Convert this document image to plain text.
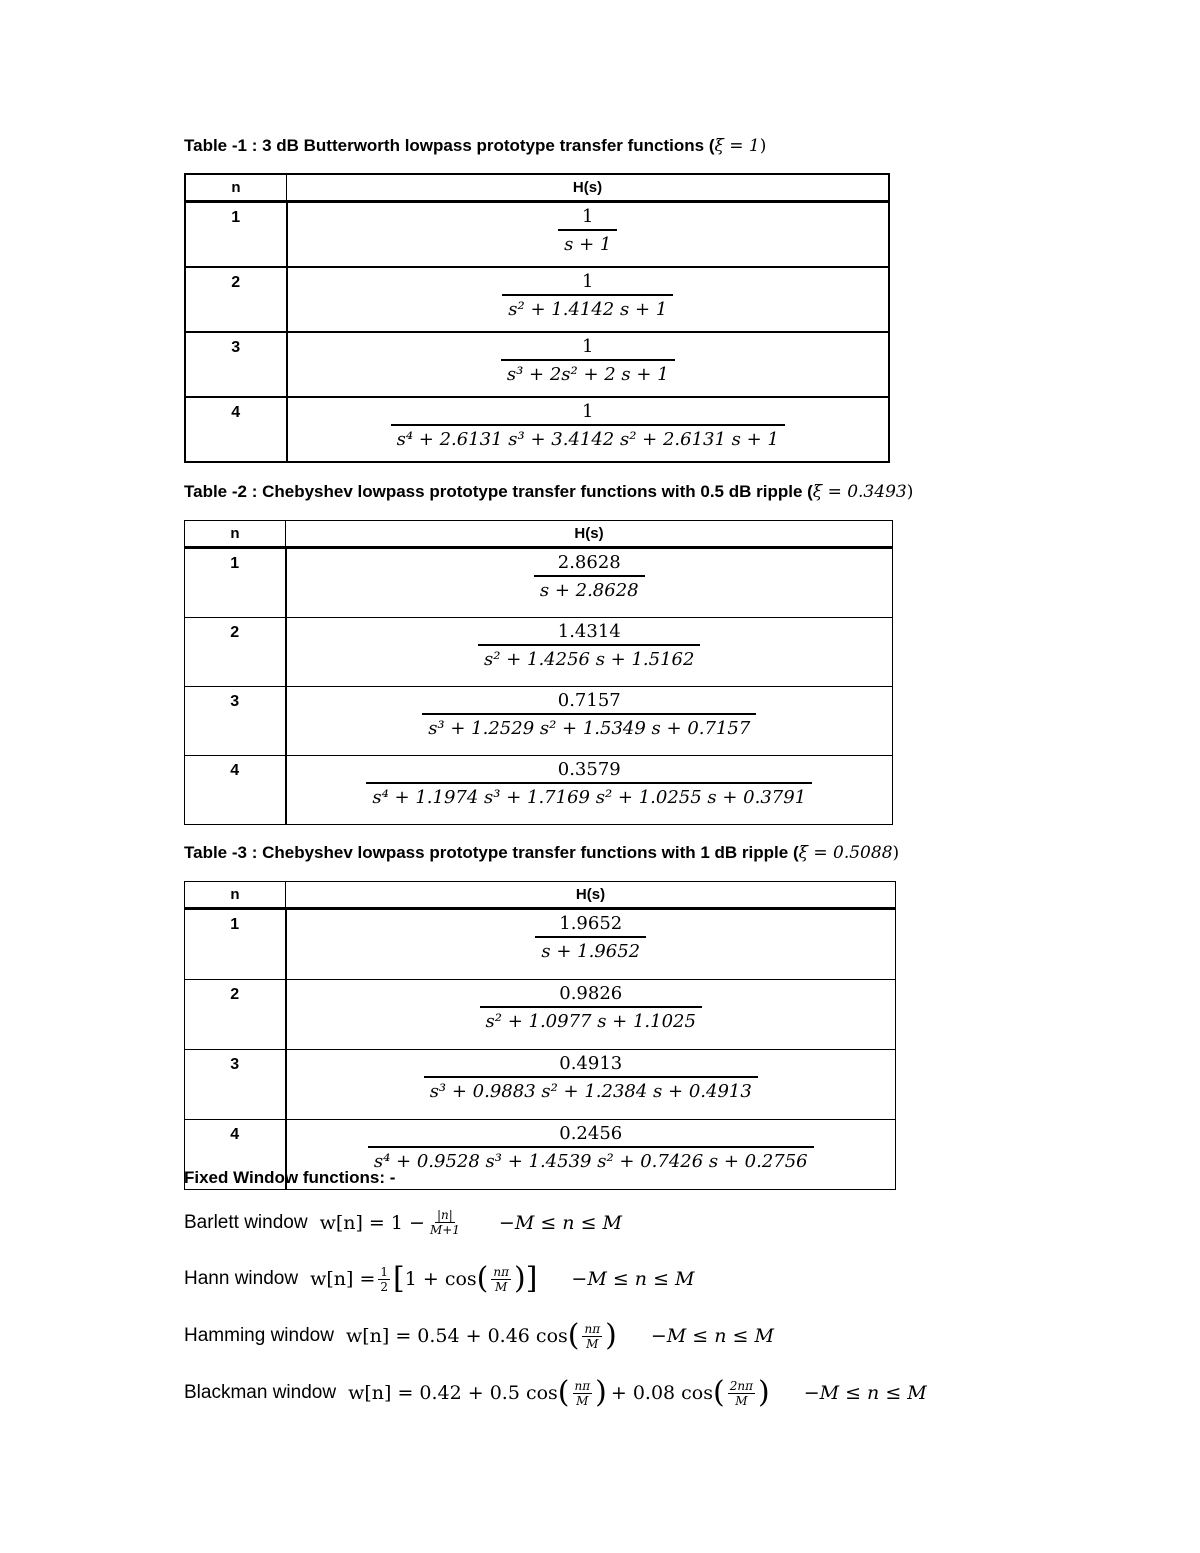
Table -1 : 3 dB Butterworth lowpass prototype transfer functions (ξ = 1)
n	H(s)
1	$\frac{1}{s + 1}$

2	$\frac{1}{\text{s² + 1.4142 s + 1}}$

3	$\frac{1}{\text{s³ + 2s² + 2 s + 1}}$

4	$\frac{1}{\text{s⁴ + 2.6131 s³ + 3.4142 s² + 2.6131 s + 1}}$
Table -2 : Chebyshev lowpass prototype transfer functions with 0.5 dB ripple (ξ = 0.3493)
n	H(s)
1	$\frac{2.8628}{s + 2.8628}$

2	$\frac{1.4314}{\text{s² + 1.4256 s + 1.5162}}$

3	$\frac{0.7157}{\text{s³ + 1.2529 s² + 1.5349 s + 0.7157}}$

4	$\frac{0.3579}{\text{s⁴ + 1.1974 s³ + 1.7169 s² + 1.0255 s + 0.3791}}$
Table -3 : Chebyshev lowpass prototype transfer functions with 1 dB ripple (ξ = 0.5088)
n	H(s)
1	$\frac{1.9652}{s + 1.9652}$

2	$\frac{0.9826}{\text{s² + 1.0977 s + 1.1025}}$

3	$\frac{0.4913}{\text{s³ + 0.9883 s² + 1.2384 s + 0.4913}}$

4	$\frac{0.2456}{\text{s⁴ + 0.9528 s³ + 1.4539 s² + 0.7426 s + 0.2756}}$
Fixed Window functions: -
Barlett window $w[n] = 1 - \frac{|n|}{M+1} -M \le n \le M$
Hann window $w[n] = \frac{1}{2}$ [ 1 + cos ( nπ
M )] −M ≤ n ≤ M
Hamming window w[n] = 0.54 + 0.46 cos ( nπ
M ) −M ≤ n ≤ M
Blackman window w[n] = 0.42 + 0.5 cos ( nπ
M ) + 0.08 cos ( 2nπ
M ) −M ≤ n ≤ M
